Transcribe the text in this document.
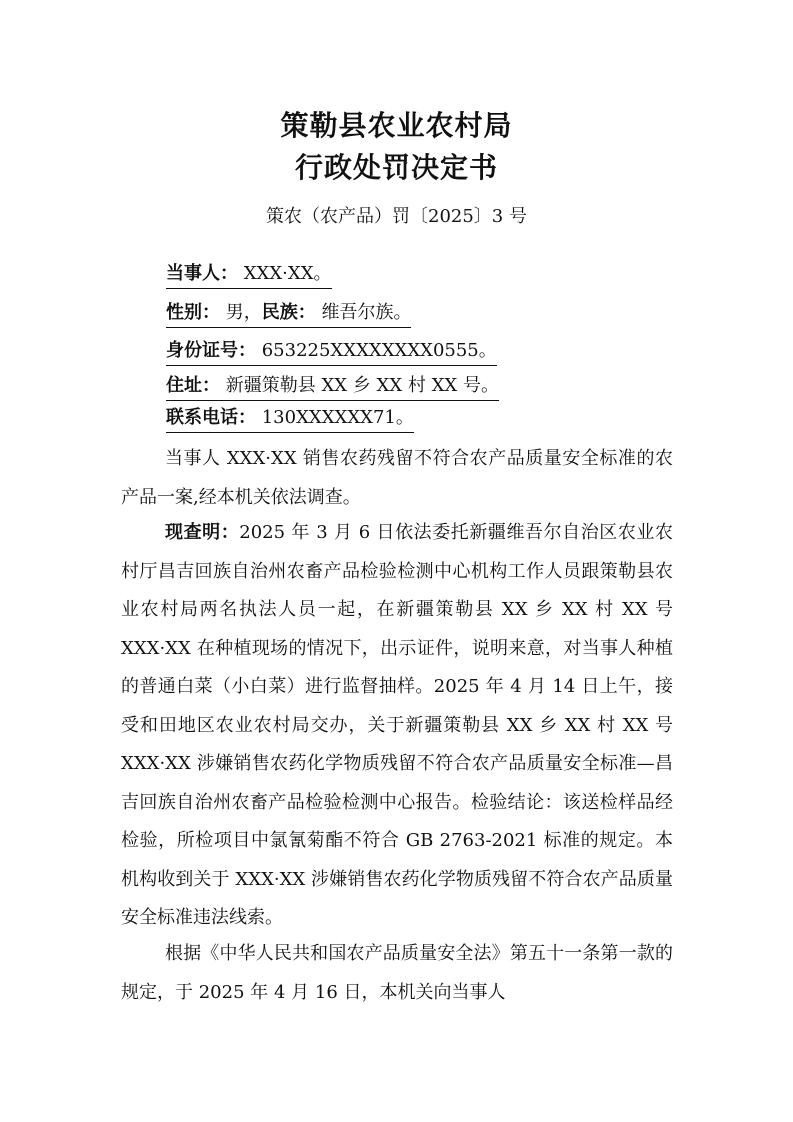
策勒县农业农村局
行政处罚决定书
策农（农产品）罚〔2025〕3 号
当事人： XXX·XX。
性别： 男，民族： 维吾尔族。
身份证号： 653225XXXXXXXX0555。
住址： 新疆策勒县 XX 乡 XX 村 XX 号。
联系电话： 130XXXXXX71。

当事人 XXX·XX 销售农药残留不符合农产品质量安全标准的农产品一案,经本机关依法调查。

现查明：2025 年 3 月 6 日依法委托新疆维吾尔自治区农业农村厅昌吉回族自治州农畜产品检验检测中心机构工作人员跟策勒县农业农村局两名执法人员一起，在新疆策勒县 XX 乡 XX 村 XX 号 XXX·XX 在种植现场的情况下，出示证件，说明来意，对当事人种植的普通白菜（小白菜）进行监督抽样。2025 年 4 月 14 日上午，接受和田地区农业农村局交办，关于新疆策勒县 XX 乡 XX 村 XX 号 XXX·XX 涉嫌销售农药化学物质残留不符合农产品质量安全标准—昌吉回族自治州农畜产品检验检测中心报告。检验结论：该送检样品经检验，所检项目中氯氰菊酯不符合 GB 2763-2021 标准的规定。本机构收到关于 XXX·XX 涉嫌销售农药化学物质残留不符合农产品质量安全标准违法线索。

根据《中华人民共和国农产品质量安全法》第五十一条第一款的规定，于 2025 年 4 月 16 日，本机关向当事人
